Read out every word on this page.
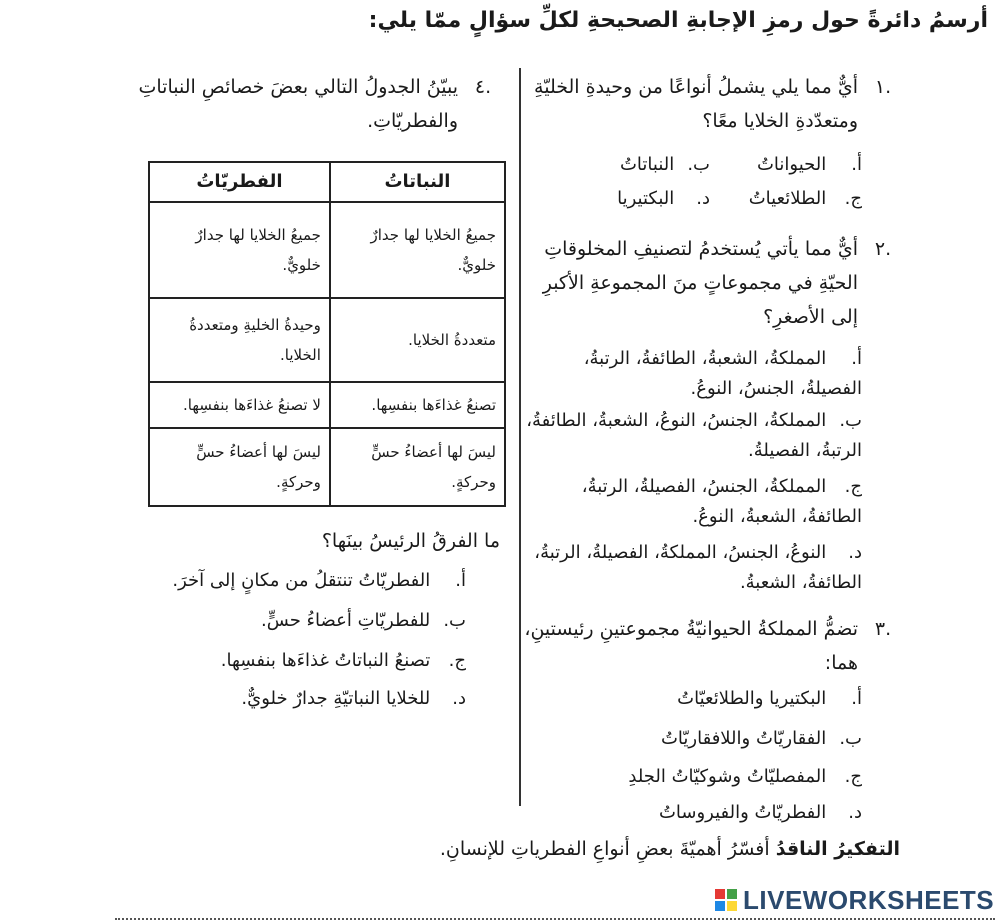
أرسمُ دائرةً حول رمزِ الإجابةِ الصحيحةِ لكلِّ سؤالٍ ممّا يلي:
.١
أيٌّ مما يلي يشملُ أنواعًا من وحيدةِ الخليّةِ ومتعدّدةِ الخلايا معًا؟
أ. الحيواناتُ
ب. النباتاتُ
ج. الطلائعياتُ
د. البكتيريا
.٢
أيٌّ مما يأتي يُستخدمُ لتصنيفِ المخلوقاتِ الحيّةِ في مجموعاتٍ منَ المجموعةِ الأكبرِ إلى الأصغرِ؟
أ. المملكةُ، الشعبةُ، الطائفةُ، الرتبةُ، الفصيلةُ، الجنسُ، النوعُ.
ب. المملكةُ، الجنسُ، النوعُ، الشعبةُ، الطائفةُ، الرتبةُ، الفصيلةُ.
ج. المملكةُ، الجنسُ، الفصيلةُ، الرتبةُ، الطائفةُ، الشعبةُ، النوعُ.
د. النوعُ، الجنسُ، المملكةُ، الفصيلةُ، الرتبةُ، الطائفةُ، الشعبةُ.
.٣
تضمُّ المملكةُ الحيوانيّةُ مجموعتينِ رئيستينِ، هما:
أ. البكتيريا والطلائعيّاتُ
ب. الفقاريّاتُ واللافقاريّاتُ
ج. المفصليّاتُ وشوكيّاتُ الجلدِ
د. الفطريّاتُ والفيروساتُ
.٤
يبيّنُ الجدولُ التالي بعضَ خصائصِ النباتاتِ والفطريّاتِ.
النباتاتُ	الفطريّاتُ
جميعُ الخلايا لها جدارٌ خلويٌّ.	جميعُ الخلايا لها جدارٌ خلويٌّ.
متعددةُ الخلايا.	وحيدةُ الخليةِ ومتعددةُ الخلايا.
تصنعُ غذاءَها بنفسِها.	لا تصنعُ غذاءَها بنفسِها.
ليسَ لها أعضاءُ حسٍّ وحركةٍ.	ليسَ لها أعضاءُ حسٍّ وحركةٍ.
ما الفرقُ الرئيسُ بينَها؟
أ. الفطريّاتُ تنتقلُ من مكانٍ إلى آخرَ.
ب. للفطريّاتِ أعضاءُ حسٍّ.
ج. تصنعُ النباتاتُ غذاءَها بنفسِها.
د. للخلايا النباتيّةِ جدارٌ خلويٌّ.
التفكيرُ الناقدُ أفسّرُ أهميّةَ بعضِ أنواعِ الفطرياتِ للإنسانِ.
LIVEWORKSHEETS
